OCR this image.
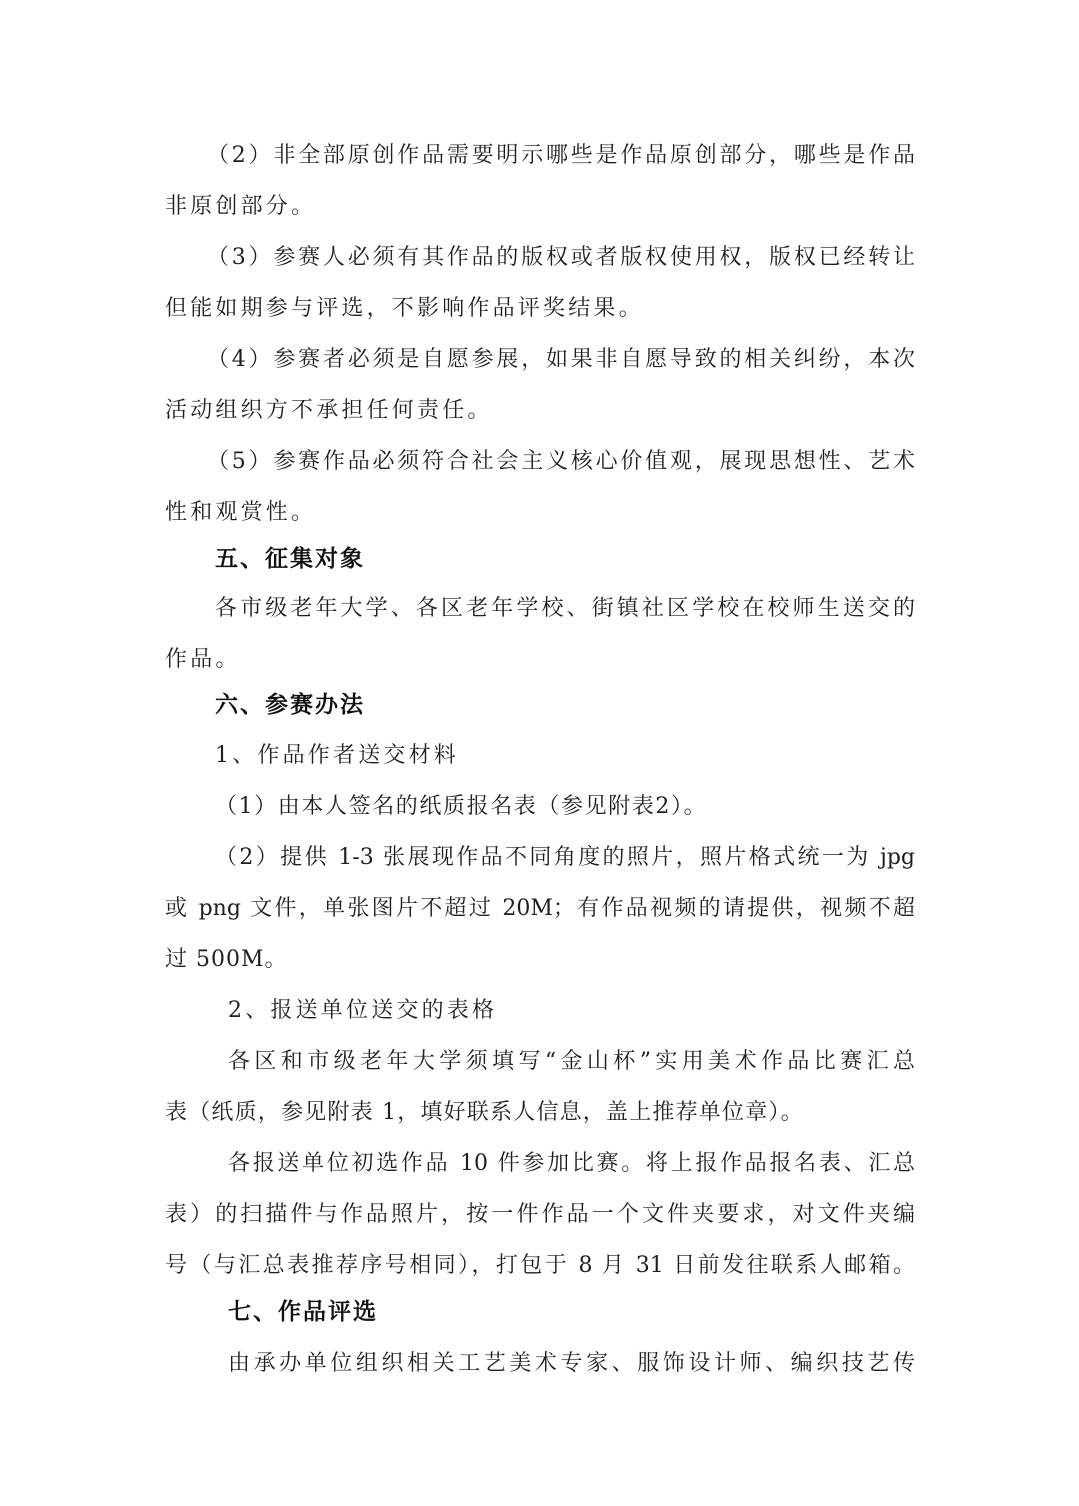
（2）非全部原创作品需要明示哪些是作品原创部分，哪些是作品
非原创部分。
（3）参赛人必须有其作品的版权或者版权使用权，版权已经转让
但能如期参与评选，不影响作品评奖结果。
（4）参赛者必须是自愿参展，如果非自愿导致的相关纠纷，本次
活动组织方不承担任何责任。
（5）参赛作品必须符合社会主义核心价值观，展现思想性、艺术
性和观赏性。
五、征集对象
各市级老年大学、各区老年学校、街镇社区学校在校师生送交的
作品。
六、参赛办法
1、作品作者送交材料
（1）由本人签名的纸质报名表（参见附表2）。
（2）提供 1-3 张展现作品不同角度的照片，照片格式统一为 jpg
或 png 文件，单张图片不超过 20M；有作品视频的请提供，视频不超
过 500M。
2、报送单位送交的表格
各区和市级老年大学须填写“金山杯”实用美术作品比赛汇总
表（纸质，参见附表 1，填好联系人信息，盖上推荐单位章）。
各报送单位初选作品 10 件参加比赛。将上报作品报名表、汇总
表）的扫描件与作品照片，按一件作品一个文件夹要求，对文件夹编
号（与汇总表推荐序号相同），打包于 8 月 31 日前发往联系人邮箱。
七、作品评选
由承办单位组织相关工艺美术专家、服饰设计师、编织技艺传
